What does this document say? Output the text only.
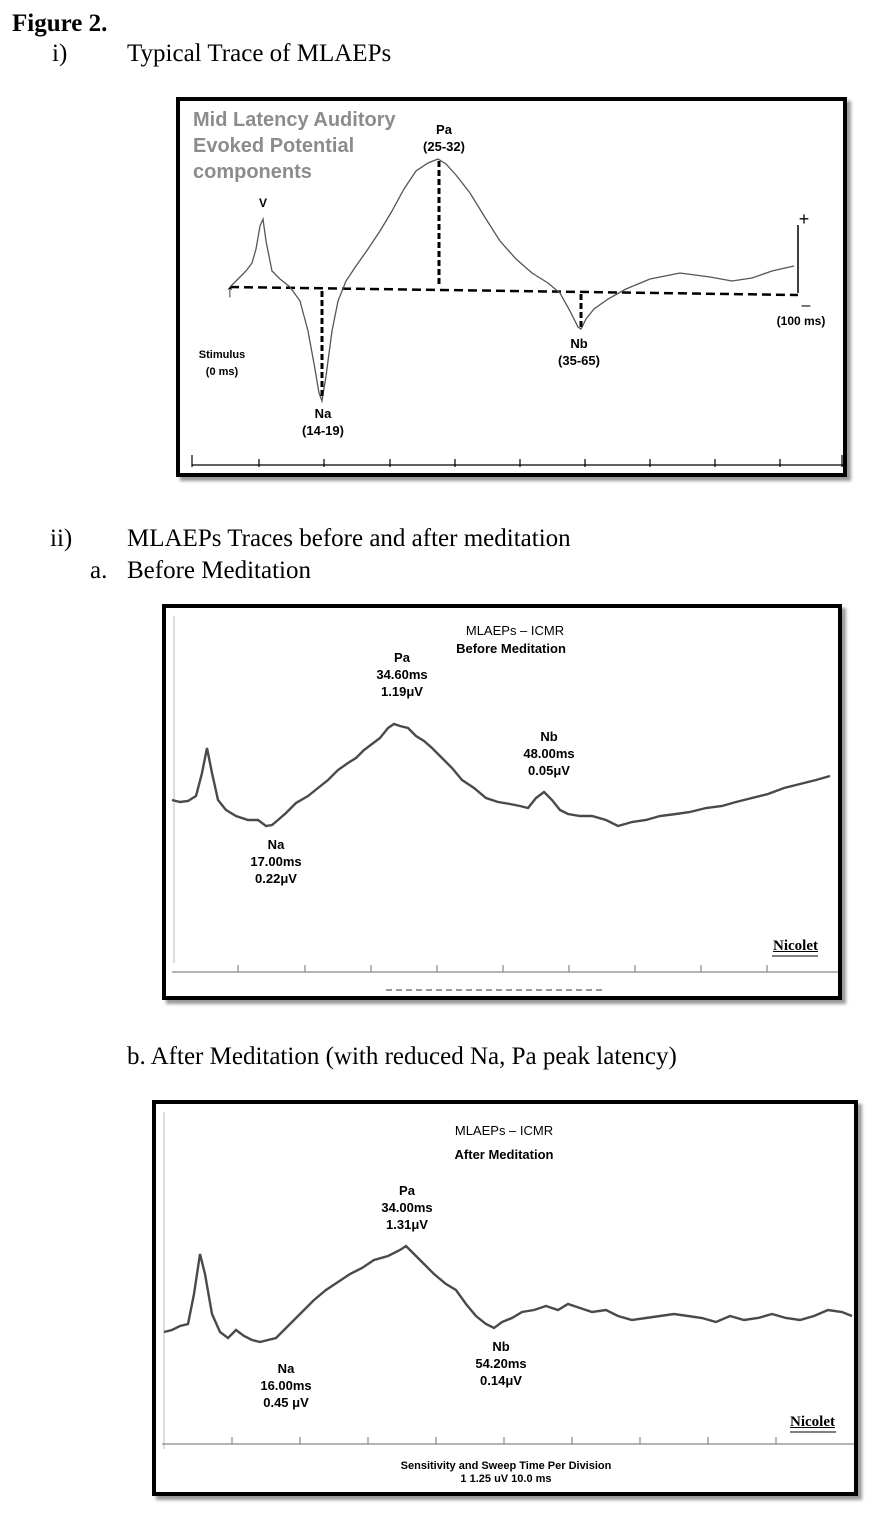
Figure 2.
i) Typical Trace of MLAEPs
Mid Latency Auditory
Evoked Potential
components
V
Pa
(25-32)
Na
(14-19)
Nb
(35-65)
Stimulus
(0 ms)
↑
(100 ms)
+
–
ii) MLAEPs Traces before and after meditation
a. Before Meditation
MLAEPs – ICMR
Before Meditation
Pa
34.60ms
1.19μV
Nb
48.00ms
0.05μV
Na
17.00ms
0.22μV
Nicolet
b. After Meditation (with reduced Na, Pa peak latency)
MLAEPs – ICMR
After Meditation
Pa
34.00ms
1.31μV
Na
16.00ms
0.45 μV
Nb
54.20ms
0.14μV
Nicolet
Sensitivity and Sweep Time Per Division
1 1.25 uV 10.0 ms
